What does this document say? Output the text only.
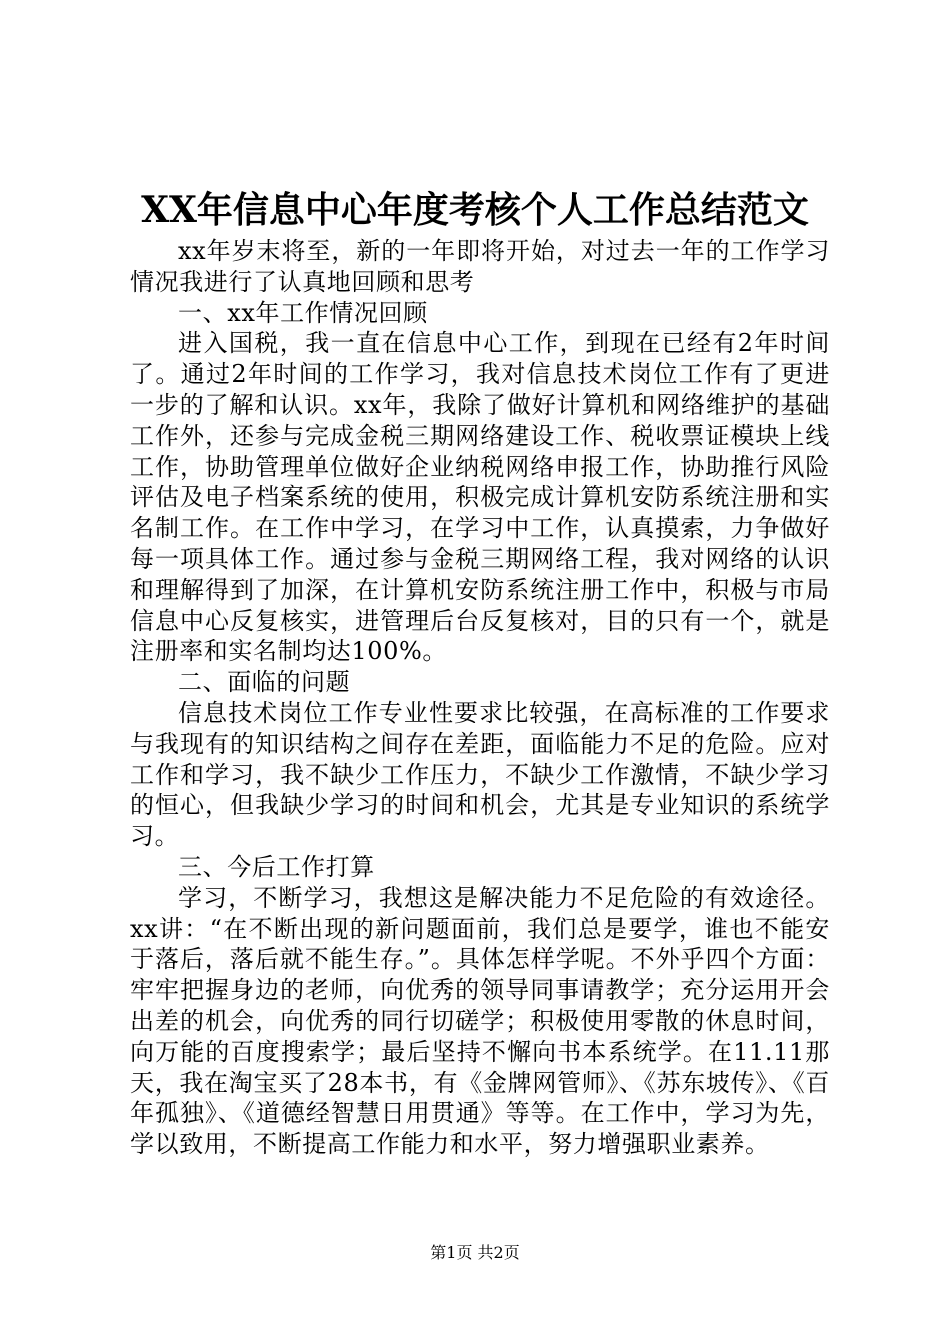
XX年信息中心年度考核个人工作总结范文

xx年岁末将至，新的一年即将开始，对过去一年的工作学习情况我进行了认真地回顾和思考

一、xx年工作情况回顾

进入国税，我一直在信息中心工作，到现在已经有2年时间了。通过2年时间的工作学习，我对信息技术岗位工作有了更进一步的了解和认识。xx年，我除了做好计算机和网络维护的基础工作外，还参与完成金税三期网络建设工作、税收票证模块上线工作，协助管理单位做好企业纳税网络申报工作，协助推行风险评估及电子档案系统的使用，积极完成计算机安防系统注册和实名制工作。在工作中学习，在学习中工作，认真摸索，力争做好每一项具体工作。通过参与金税三期网络工程，我对网络的认识和理解得到了加深，在计算机安防系统注册工作中，积极与市局信息中心反复核实，进管理后台反复核对，目的只有一个，就是注册率和实名制均达100%。

二、面临的问题

信息技术岗位工作专业性要求比较强，在高标准的工作要求与我现有的知识结构之间存在差距，面临能力不足的危险。应对工作和学习，我不缺少工作压力，不缺少工作激情，不缺少学习的恒心，但我缺少学习的时间和机会，尤其是专业知识的系统学习。

三、今后工作打算

学习，不断学习，我想这是解决能力不足危险的有效途径。xx讲：“在不断出现的新问题面前，我们总是要学，谁也不能安于落后，落后就不能生存。”。具体怎样学呢。不外乎四个方面：牢牢把握身边的老师，向优秀的领导同事请教学；充分运用开会出差的机会，向优秀的同行切磋学；积极使用零散的休息时间，向万能的百度搜索学；最后坚持不懈向书本系统学。在11.11那天，我在淘宝买了28本书，有《金牌网管师》、《苏东坡传》、《百年孤独》、《道德经智慧日用贯通》等等。在工作中，学习为先，学以致用，不断提高工作能力和水平，努力增强职业素养。

第1页 共2页
